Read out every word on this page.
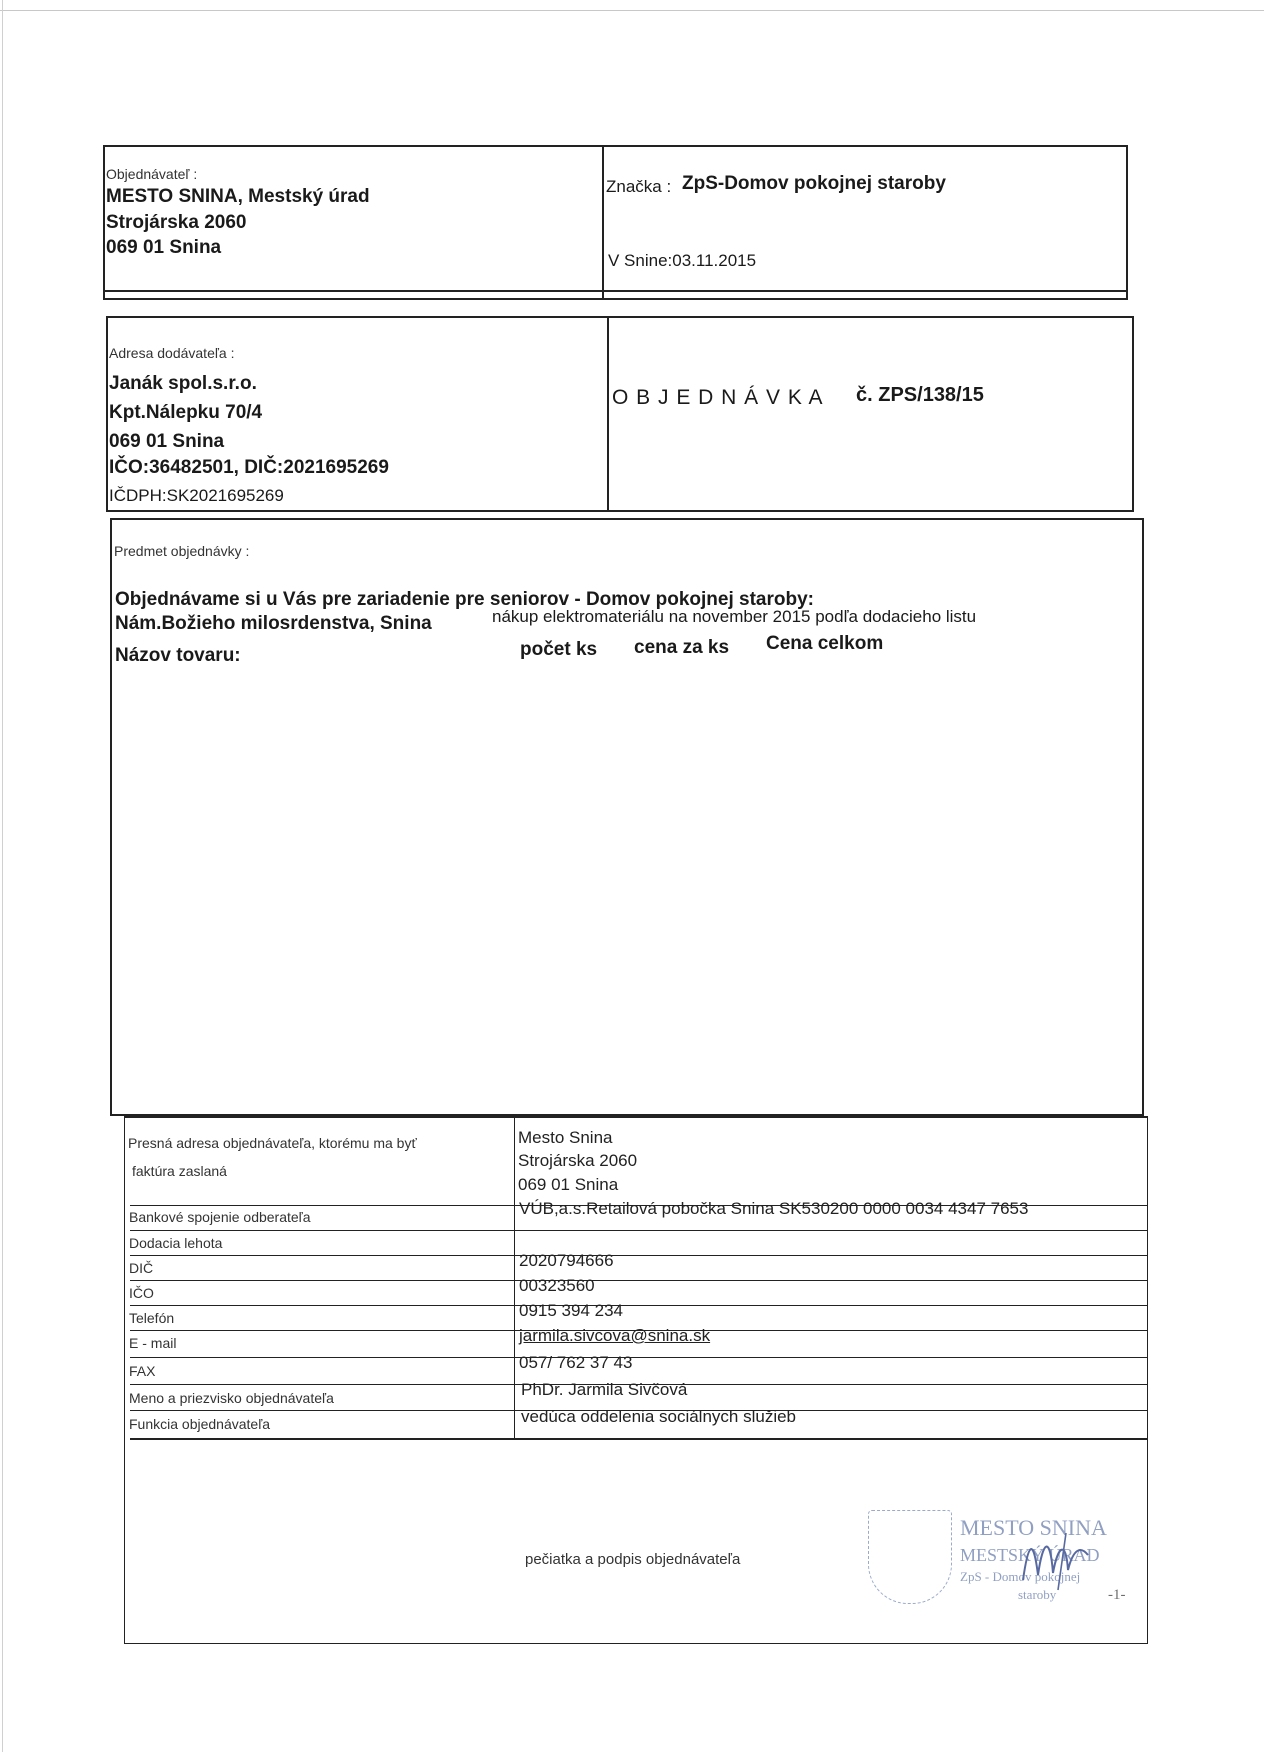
Objednávateľ :
MESTO SNINA, Mestský úrad
Strojárska 2060
069 01 Snina
Značka : ZpS-Domov pokojnej staroby
V Snine:03.11.2015
Adresa dodávateľa :
Janák spol.s.r.o.
Kpt.Nálepku 70/4
069 01 Snina
IČO:36482501, DIČ:2021695269
IČDPH:SK2021695269
O B J E D N Á V K A č. ZPS/138/15
Predmet objednávky :
Objednávame si u Vás pre zariadenie pre seniorov - Domov pokojnej staroby:
Nám.Božieho milosrdenstva, Snina	nákup elektromateriálu na november 2015 podľa dodacieho listu
Názov tovaru:	počet ks cena za ks Cena celkom
Presná adresa objednávateľa, ktorému ma byť
faktúra zaslaná
Mesto Snina
Strojárska 2060
069 01 Snina
Bankové spojenie odberateľa	VÚB,a.s.Retailová pobočka Snina SK530200 0000 0034 4347 7653
Dodacia lehota
DIČ	2020794666
IČO	00323560
Telefón	0915 394 234
E - mail	jarmila.sivcova@snina.sk
FAX	057/ 762 37 43
Meno a priezvisko objednávateľa	PhDr. Jarmila Sivčová
Funkcia objednávateľa	vedúca oddelenia sociálnych služieb
pečiatka a podpis objednávateľa
MESTO SNINA
MESTSKÝ ÚRAD
ZpS - Domov pokojnej
staroby	-1-
